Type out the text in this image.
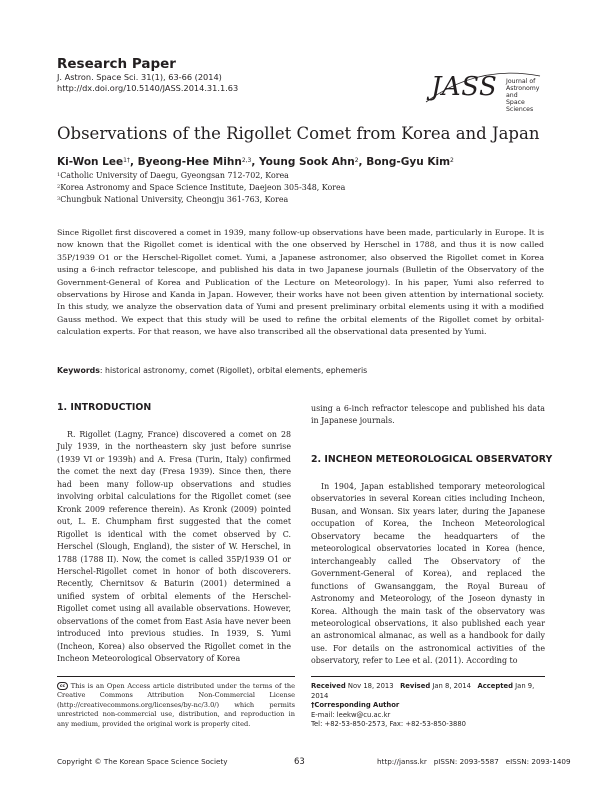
Research Paper
J. Astron. Space Sci. 31(1), 63-66 (2014)
http://dx.doi.org/10.5140/JASS.2014.31.1.63	JASS Journal of
Astronomy and
Space Sciences
Observations of the Rigollet Comet from Korea and Japan
Ki-Won Lee$^{1\dagger}$, Byeong-Hee Mihn$^{2,3}$, Young Sook Ahn$^2$, Bong-Gyu Kim$^2$
$^1$Catholic University of Daegu, Gyeongsan 712-702, Korea
$^2$Korea Astronomy and Space Science Institute, Daejeon 305-348, Korea
$^3$Chungbuk National University, Cheongju 361-763, Korea
Since Rigollet first discovered a comet in 1939, many follow-up observations have been made, particularly in Europe. It is now known that the Rigollet comet is identical with the one observed by Herschel in 1788, and thus it is now called 35P/1939 O1 or the Herschel-Rigollet comet. Yumi, a Japanese astronomer, also observed the Rigollet comet in Korea using a 6-inch refractor telescope, and published his data in two Japanese journals (Bulletin of the Observatory of the Government-General of Korea and Publication of the Lecture on Meteorology). In his paper, Yumi also referred to observations by Hirose and Kanda in Japan. However, their works have not been given attention by international society. In this study, we analyze the observation data of Yumi and present preliminary orbital elements using it with a modified Gauss method. We expect that this study will be used to refine the orbital elements of the Rigollet comet by orbital-calculation experts. For that reason, we have also transcribed all the observational data presented by Yumi.
Keywords: historical astronomy, comet (Rigollet), orbital elements, ephemeris
1. INTRODUCTION
R. Rigollet (Lagny, France) discovered a comet on 28 July 1939, in the northeastern sky just before sunrise (1939 VI or 1939h) and A. Fresa (Turin, Italy) confirmed the comet the next day (Fresa 1939). Since then, there had been many follow-up observations and studies involving orbital calculations for the Rigollet comet (see Kronk 2009 reference therein). As Kronk (2009) pointed out, L. E. Chumpham first suggested that the comet Rigollet is identical with the comet observed by C. Herschel (Slough, England), the sister of W. Herschel, in 1788 (1788 II). Now, the comet is called 35P/1939 O1 or Herschel-Rigollet comet in honor of both discoverers. Recently, Chernitsov & Baturin (2001) determined a unified system of orbital elements of the Herschel-Rigollet comet using all available observations. However, observations of the comet from East Asia have never been introduced into previous studies. In 1939, S. Yumi (Incheon, Korea) also observed the Rigollet comet in the Incheon Meteorological Observatory of Korea
using a 6-inch refractor telescope and published his data in Japanese journals.
2. INCHEON METEOROLOGICAL OBSERVATORY
In 1904, Japan established temporary meteorological observatories in several Korean cities including Incheon, Busan, and Wonsan. Six years later, during the Japanese occupation of Korea, the Incheon Meteorological Observatory became the headquarters of the meteorological observatories located in Korea (hence, interchangeably called The Observatory of the Government-General of Korea), and replaced the functions of Gwansanggam, the Royal Bureau of Astronomy and Meteorology, of the Joseon dynasty in Korea. Although the main task of the observatory was meteorological observations, it also published each year an astronomical almanac, as well as a handbook for daily use. For details on the astronomical activities of the observatory, refer to Lee et al. (2011). According to
cc This is an Open Access article distributed under the terms of the Creative Commons Attribution Non-Commercial License (http://creativecommons.org/licenses/by-nc/3.0/) which permits unrestricted non-commercial use, distribution, and reproduction in any medium, provided the original work is properly cited.
Received Nov 18, 2013 Revised Jan 8, 2014 Accepted Jan 9, 2014
†Corresponding Author
E-mail: leekw@cu.ac.kr
Tel: +82-53-850-2573, Fax: +82-53-850-3880
Copyright © The Korean Space Science Society	63	http://janss.kr   pISSN: 2093-5587   eISSN: 2093-1409
